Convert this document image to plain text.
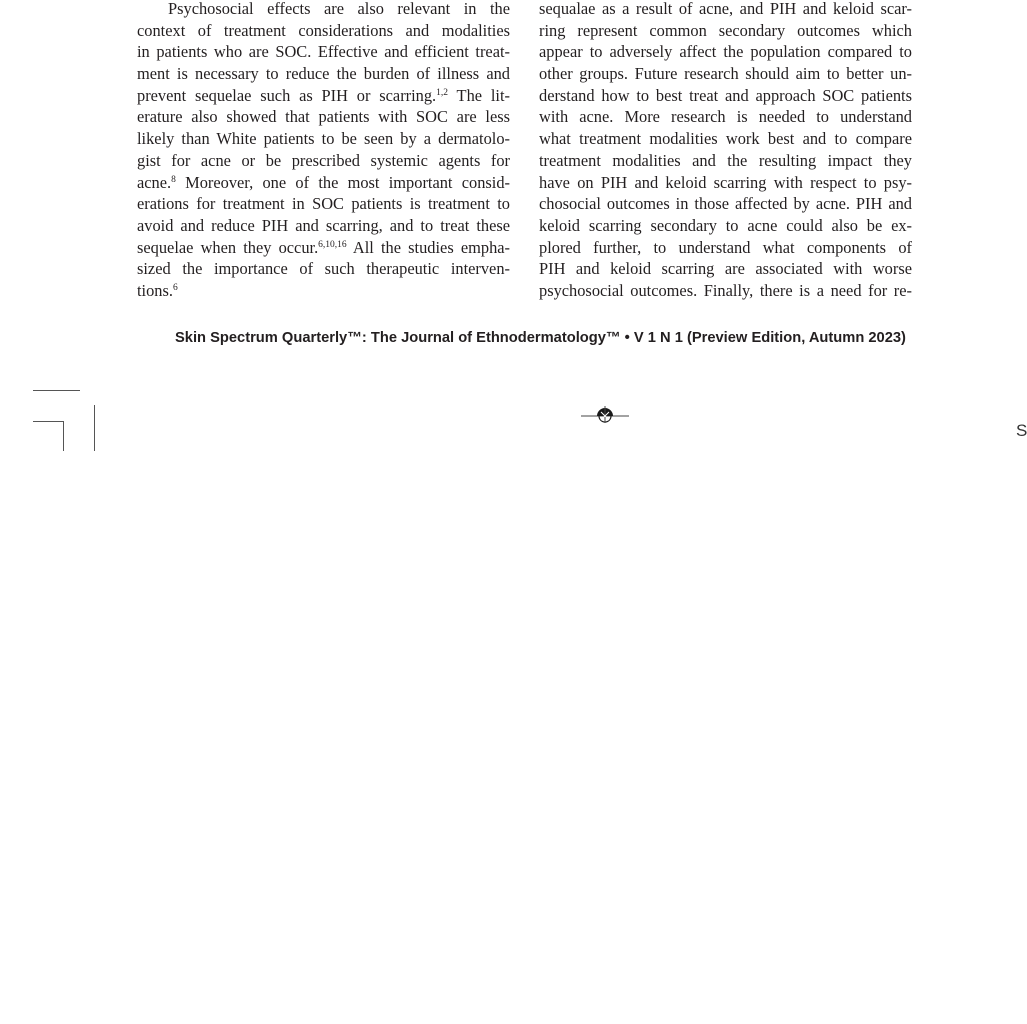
Psychosocial effects are also relevant in the
context of treatment considerations and modalities
in patients who are SOC. Effective and efficient treat-
ment is necessary to reduce the burden of illness and
prevent sequelae such as PIH or scarring.$^{1,2}$ The lit-
erature also showed that patients with SOC are less
likely than White patients to be seen by a dermatolo-
gist for acne or be prescribed systemic agents for
acne.$^8$ Moreover, one of the most important consid-
erations for treatment in SOC patients is treatment to
avoid and reduce PIH and scarring, and to treat these
sequelae when they occur.$^{6,10,16}$ All the studies empha-
sized the importance of such therapeutic interven-
tions.$^6$
sequalae as a result of acne, and PIH and keloid scar-
ring represent common secondary outcomes which
appear to adversely affect the population compared to
other groups. Future research should aim to better un-
derstand how to best treat and approach SOC patients
with acne. More research is needed to understand
what treatment modalities work best and to compare
treatment modalities and the resulting impact they
have on PIH and keloid scarring with respect to psy-
chosocial outcomes in those affected by acne. PIH and
keloid scarring secondary to acne could also be ex-
plored further, to understand what components of
PIH and keloid scarring are associated with worse
psychosocial outcomes. Finally, there is a need for re-
Skin Spectrum Quarterly™: The Journal of Ethnodermatology™ • V 1 N 1 (Preview Edition, Autumn 2023)
S
